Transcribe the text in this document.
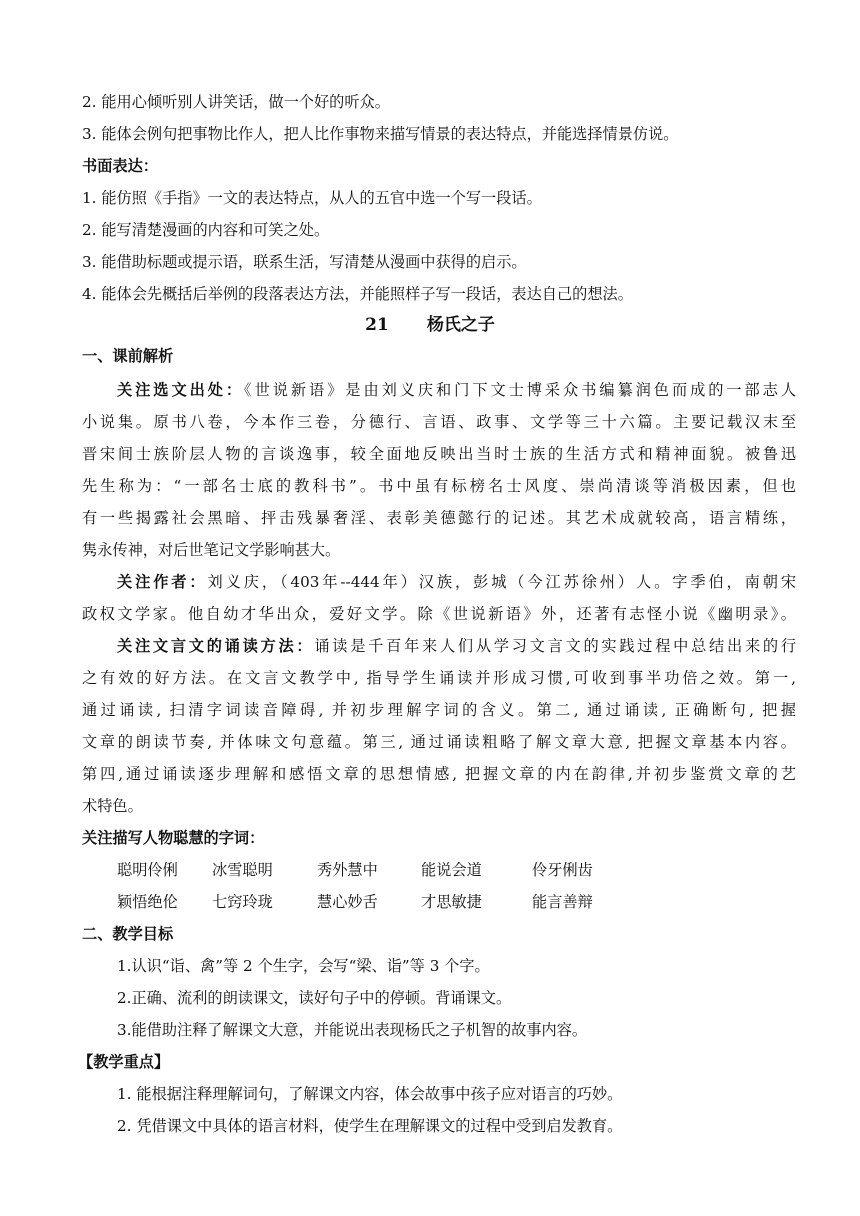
2. 能用心倾听别人讲笑话，做一个好的听众。
3. 能体会例句把事物比作人，把人比作事物来描写情景的表达特点，并能选择情景仿说。
书面表达：
1. 能仿照《手指》一文的表达特点，从人的五官中选一个写一段话。
2. 能写清楚漫画的内容和可笑之处。
3. 能借助标题或提示语，联系生活，写清楚从漫画中获得的启示。
4. 能体会先概括后举例的段落表达方法，并能照样子写一段话，表达自己的想法。
21 杨氏之子
一、课前解析
关注选文出处：《世说新语》是由刘义庆和门下文士博采众书编纂润色而成的一部志人
小说集。原书八卷，今本作三卷，分德行、言语、政事、文学等三十六篇。主要记载汉末至
晋宋间士族阶层人物的言谈逸事，较全面地反映出当时士族的生活方式和精神面貌。被鲁迅
先生称为：“一部名士底的教科书”。书中虽有标榜名士风度、崇尚清谈等消极因素，但也
有一些揭露社会黑暗、抨击残暴奢淫、表彰美德懿行的记述。其艺术成就较高，语言精练，
隽永传神，对后世笔记文学影响甚大。
关注作者：刘义庆，（403年--444年）汉族，彭城（今江苏徐州）人。字季伯，南朝宋
政权文学家。他自幼才华出众，爱好文学。除《世说新语》外，还著有志怪小说《幽明录》。
关注文言文的诵读方法：诵读是千百年来人们从学习文言文的实践过程中总结出来的行
之有效的好方法。在文言文教学中, 指导学生诵读并形成习惯,可收到事半功倍之效。第一,
通过诵读, 扫清字词读音障碍, 并初步理解字词的含义。第二, 通过诵读, 正确断句, 把握
文章的朗读节奏, 并体味文句意蕴。第三, 通过诵读粗略了解文章大意, 把握文章基本内容。
第四,通过诵读逐步理解和感悟文章的思想情感, 把握文章的内在韵律,并初步鉴赏文章的艺
术特色。
关注描写人物聪慧的字词：
聪明伶俐 冰雪聪明	秀外慧中	能说会道	伶牙俐齿
颖悟绝伦 七窍玲珑	慧心妙舌	才思敏捷	能言善辩
二、教学目标
1.认识“诣、禽”等 2 个生字，会写“梁、诣”等 3 个字。
2.正确、流利的朗读课文，读好句子中的停顿。背诵课文。
3.能借助注释了解课文大意，并能说出表现杨氏之子机智的故事内容。
【教学重点】
1. 能根据注释理解词句，了解课文内容，体会故事中孩子应对语言的巧妙。
2. 凭借课文中具体的语言材料，使学生在理解课文的过程中受到启发教育。
